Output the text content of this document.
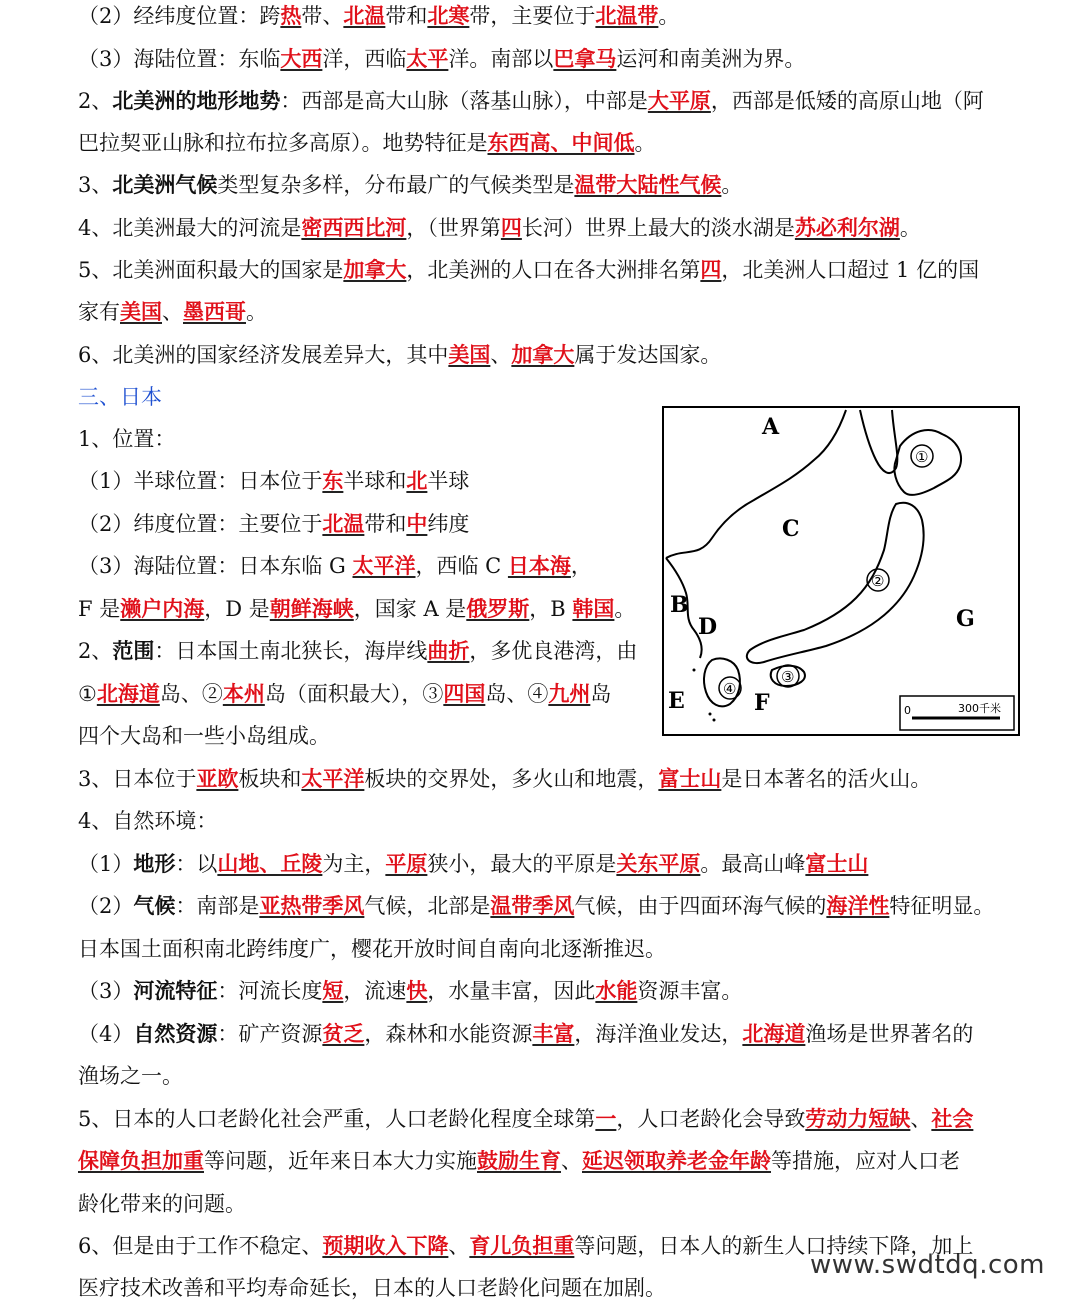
（2）经纬度位置：跨热带、北温带和北寒带，主要位于北温带。
（3）海陆位置：东临大西洋，西临太平洋。南部以巴拿马运河和南美洲为界。
2、北美洲的地形地势：西部是高大山脉（落基山脉），中部是大平原，西部是低矮的高原山地（阿
巴拉契亚山脉和拉布拉多高原）。地势特征是东西高、中间低。
3、北美洲气候类型复杂多样，分布最广的气候类型是温带大陆性气候。
4、北美洲最大的河流是密西西比河，（世界第四长河）世界上最大的淡水湖是苏必利尔湖。
5、北美洲面积最大的国家是加拿大，北美洲的人口在各大洲排名第四，北美洲人口超过 1 亿的国
家有美国、墨西哥。
6、北美洲的国家经济发展差异大，其中美国、加拿大属于发达国家。
三、日本
1、位置：
（1）半球位置：日本位于东半球和北半球
（2）纬度位置：主要位于北温带和中纬度
（3）海陆位置：日本东临 G 太平洋，西临 C 日本海，
F 是濑户内海，D 是朝鲜海峡，国家 A 是俄罗斯，B 韩国。
2、范围：日本国土南北狭长，海岸线曲折，多优良港湾，由
①北海道岛、②本州岛（面积最大），③四国岛、④九州岛
四个大岛和一些小岛组成。
3、日本位于亚欧板块和太平洋板块的交界处，多火山和地震，富士山是日本著名的活火山。
4、自然环境：
（1）地形：以山地、丘陵为主，平原狭小，最大的平原是关东平原。最高山峰富士山
（2）气候：南部是亚热带季风气候，北部是温带季风气候，由于四面环海气候的海洋性特征明显。
日本国土面积南北跨纬度广，樱花开放时间自南向北逐渐推迟。
（3）河流特征：河流长度短，流速快，水量丰富，因此水能资源丰富。
（4）自然资源：矿产资源贫乏，森林和水能资源丰富，海洋渔业发达，北海道渔场是世界著名的
渔场之一。
5、日本的人口老龄化社会严重，人口老龄化程度全球第一，人口老龄化会导致劳动力短缺、社会
保障负担加重等问题，近年来日本大力实施鼓励生育、延迟领取养老金年龄等措施，应对人口老
龄化带来的问题。
6、但是由于工作不稳定、预期收入下降、育儿负担重等问题，日本人的新生人口持续下降，加上
医疗技术改善和平均寿命延长，日本的人口老龄化问题在加剧。
A
B
C
D
E	F
G
①
②
③
④
0	300千米
www.swdtdq.com
